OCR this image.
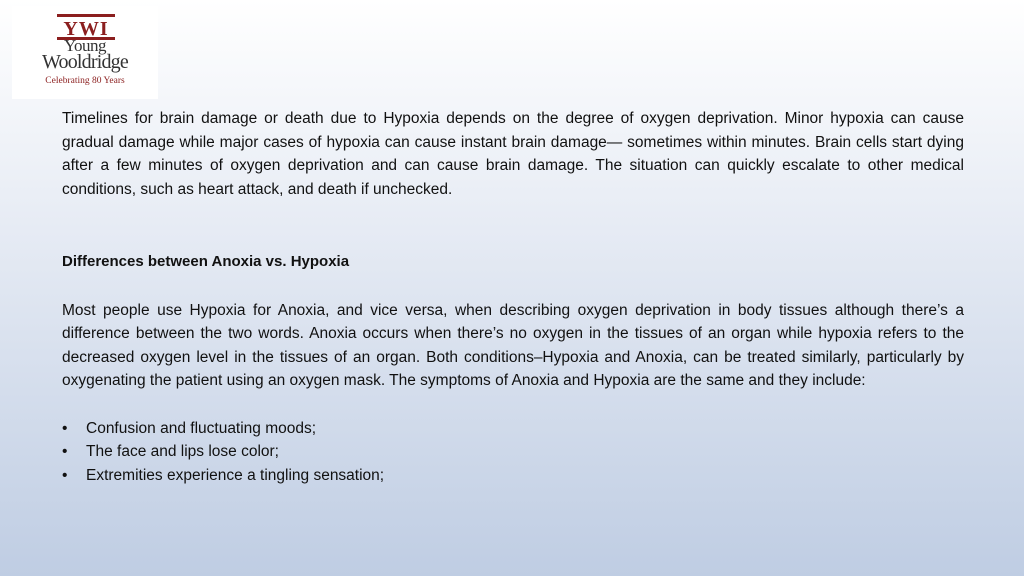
YWI
Young
Wooldridge
Celebrating 80 Years

Timelines for brain damage or death due to Hypoxia depends on the degree of oxygen deprivation. Minor hypoxia can cause gradual damage while major cases of hypoxia can cause instant brain damage— sometimes within minutes. Brain cells start dying after a few minutes of oxygen deprivation and can cause brain damage. The situation can quickly escalate to other medical conditions, such as heart attack, and death if unchecked.

Differences between Anoxia vs. Hypoxia

Most people use Hypoxia for Anoxia, and vice versa, when describing oxygen deprivation in body tissues although there’s a difference between the two words. Anoxia occurs when there’s no oxygen in the tissues of an organ while hypoxia refers to the decreased oxygen level in the tissues of an organ. Both conditions–Hypoxia and Anoxia, can be treated similarly, particularly by oxygenating the patient using an oxygen mask. The symptoms of Anoxia and Hypoxia are the same and they include:

• Confusion and fluctuating moods;
• The face and lips lose color;
• Extremities experience a tingling sensation;
